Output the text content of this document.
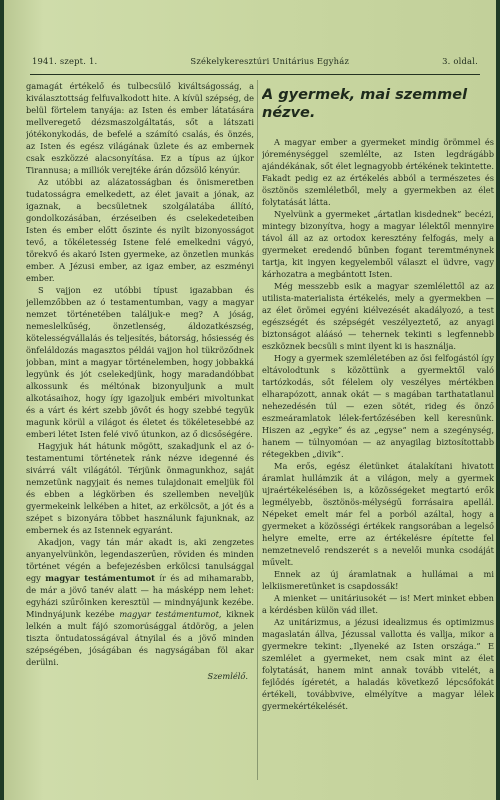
1941. szept. 1.	Székelykeresztúri Unitárius Egyház	3. oldal.

gamagát értékelő és tulbecsülő kiváltságosság, a kiválasztottság felfuvalkodott hite. A kívül szépség, de belül förtelem tanyája: az Isten és ember látatására mellveregető dézsmaszolgáltatás, sőt a látszati jótékonykodás, de befelé a számító csalás, és önzés, az Isten és egész világának üzlete és az embernek csak eszközzé alacsonyítása. Ez a típus az újkor Tirannusa; a milliók verejtéke árán dőzsölő kényúr.

Az utóbbi az alázatosságban és önismeretben tudatosságra emelkedett, az élet javait a jónak, az igaznak, a becsületnek szolgálatába állító, gondolkozásában, érzéseiben és cselekedeteiben Isten és ember előtt őszinte és nyilt bizonyosságot tevő, a tökéletesség Istene felé emelkedni vágyó, törekvő és akaró Isten gyermeke, az önzetlen munkás ember. A Jézusi ember, az igaz ember, az eszményi ember.

S vajjon ez utóbbi típust igazabban és jellemzőbben az ó testamentumban, vagy a magyar nemzet történetében találjuk-e meg? A jóság, nemeslelkűség, önzetlenség, áldozatkészség, kötelességvállalás és teljesítés, bátorság, hősiesség és önfeláldozás magasztos példái vajjon hol tükröződnek jobban, mint a magyar történelemben, hogy jobbakká legyünk és jót cselekedjünk, hogy maradandóbbat alkossunk és méltónak bizonyuljunk a mult alkotásaihoz, hogy így igazoljuk embéri mivoltunkat és a várt és kért szebb jövőt és hogy szebbé tegyük magunk körül a világot és életet és tökéletesebbé az emberi létet Isten felé vivő útunkon, az ő dicsőségére.

Hagyjuk hát hátunk mögött, szakadjunk el az ó-testamentumi történetek ránk nézve idegenné és sivárrá vált világától. Térjünk önmagunkhoz, saját nemzetünk nagyjait és nemes tulajdonait emeljük föl és ebben a légkörben és szellemben neveljük gyermekeink lelkében a hitet, az erkölcsöt, a jót és a szépet s bizonyára többet használunk fajunknak, az embernek és az Istennek egyaránt.

Akadjon, vagy tán már akadt is, aki zengzetes anyanyelvünkön, legendaszerűen, röviden és minden történet végén a befejezésben erkölcsi tanulsággal egy magyar testámentumot ír és ad mihamarabb, de már a jövő tanév alatt — ha másképp nem lehet: egyházi szűrőinken keresztül — mindnyájunk kezébe. Mindnyájunk kezébe magyar testámentumot, kiknek lelkén a mult fájó szomorúsággal átdörög, a jelen tiszta öntudatosságával átnyilal és a jövő minden szépségében, jóságában és nagyságában föl akar derülni.

Szemlélő.
A gyermek, mai szemmel nézve.

A magyar ember a gyermeket mindig örömmel és jóreménységgel szemlélte, az Isten legdrágább ajándékának, sőt élet legnagyobb értékének tekintette. Fakadt pedig ez az értékelés abból a természetes és ösztönös szemléletből, mely a gyermekben az élet folytatását látta.

Nyelvünk a gyermeket „ártatlan kisdednek” becézi, mintegy bizonyítva, hogy a magyar lélektől mennyire távol áll az az ortodox keresztény felfogás, mely a gyermeket eredendő bűnben fogant teremtménynek tartja, kit ingyen kegyelemből választ el üdvre, vagy kárhozatra a megbántott Isten.

Még messzebb esik a magyar szemlélettől az az utilista-materialista értékelés, mely a gyermekben — az élet örömei egyéni kiélvezését akadályozó, a test egészségét és szépségét veszélyeztető, az anyagi biztonságot aláásó — tehernek tekinti s legfennebb eszköznek becsüli s mint ilyent ki is használja.

Hogy a gyermek szemléletében az ősi felfogástól így eltávolodtunk s közöttünk a gyermektől való tartózkodás, sőt félelem oly veszélyes mértékben elharapózott, annak okát — s magában tarthatatlanul nehezedésén túl — ezen sötét, rideg és önző eszmeáramlatok lélek-fertőzésében kell keresnünk. Hiszen az „egyke” és az „egyse” nem a szegénység, hanem — túlnyomóan — az anyagilag biztosítottabb rétegekben „divik”.

Ma erős, egész életünket átalakítani hivatott áramlat hullámzik át a világon, mely a gyermek ujraértékelésében is, a közösségeket megtartó erők legmélyebb, ösztönös-mélységű forrásaira apellál. Népeket emelt már fel a porból azáltal, hogy a gyermeket a közösségi értékek rangsorában a legelső helyre emelte, erre az értékelésre építette fel nemzetnevelő rendszerét s a nevelői munka csodáját művelt.

Ennek az új áramlatnak a hullámai a mi lelkiismeretünket is csapdossák!

A mienket — unitáriusokét — is! Mert minket ebben a kérdésben külön vád illet.

Az unitárizmus, a jézusi idealizmus és optimizmus magaslatán állva, Jézussal vallotta és vallja, mikor a gyermekre tekint: „Ilyeneké az Isten országa.” E szemlélet a gyermeket, nem csak mint az élet folytatását, hanem mint annak tovább vitelét, a fejlődés ígéretét, a haladás következő lépcsőfokát értékeli, továbbvive, elmélyítve a magyar lélek gyermekértékelését.
